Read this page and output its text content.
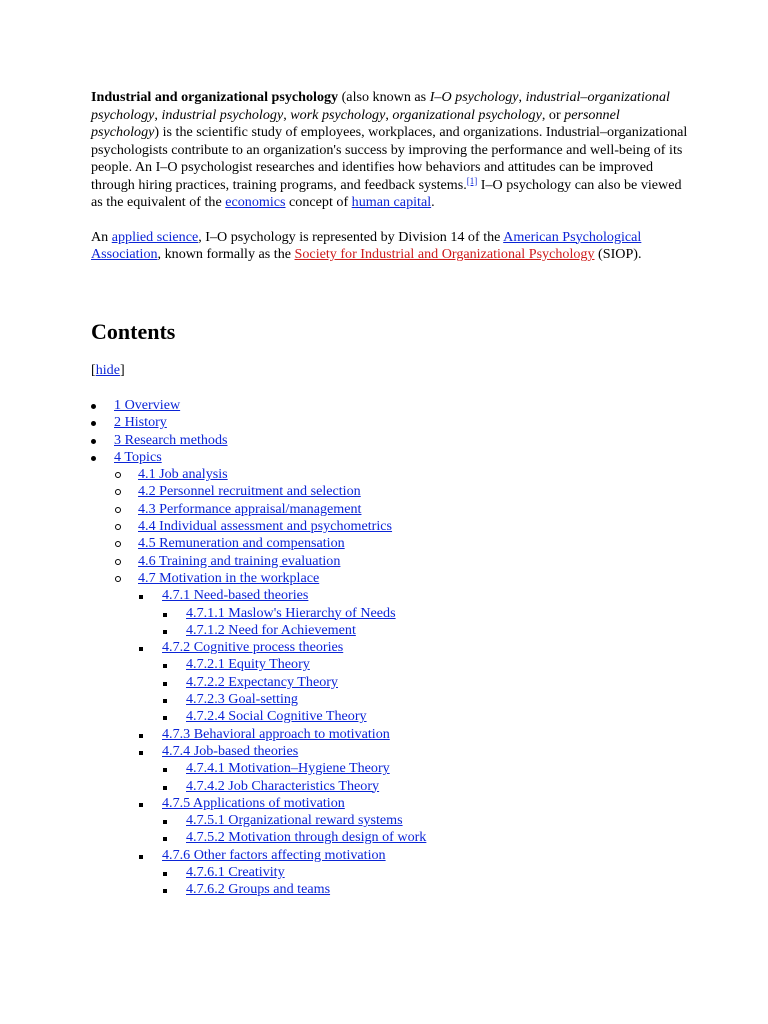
Industrial and organizational psychology (also known as I–O psychology, industrial–organizational psychology, industrial psychology, work psychology, organizational psychology, or personnel psychology) is the scientific study of employees, workplaces, and organizations. Industrial–organizational psychologists contribute to an organization's success by improving the performance and well-being of its people. An I–O psychologist researches and identifies how behaviors and attitudes can be improved through hiring practices, training programs, and feedback systems.[1] I–O psychology can also be viewed as the equivalent of the economics concept of human capital.

An applied science, I–O psychology is represented by Division 14 of the American Psychological Association, known formally as the Society for Industrial and Organizational Psychology (SIOP).

Contents
[hide]
1 Overview
2 History
3 Research methods
4 Topics
4.1 Job analysis
4.2 Personnel recruitment and selection
4.3 Performance appraisal/management
4.4 Individual assessment and psychometrics
4.5 Remuneration and compensation
4.6 Training and training evaluation
4.7 Motivation in the workplace
4.7.1 Need-based theories
4.7.1.1 Maslow's Hierarchy of Needs
4.7.1.2 Need for Achievement
4.7.2 Cognitive process theories
4.7.2.1 Equity Theory
4.7.2.2 Expectancy Theory
4.7.2.3 Goal-setting
4.7.2.4 Social Cognitive Theory
4.7.3 Behavioral approach to motivation
4.7.4 Job-based theories
4.7.4.1 Motivation–Hygiene Theory
4.7.4.2 Job Characteristics Theory
4.7.5 Applications of motivation
4.7.5.1 Organizational reward systems
4.7.5.2 Motivation through design of work
4.7.6 Other factors affecting motivation
4.7.6.1 Creativity
4.7.6.2 Groups and teams
